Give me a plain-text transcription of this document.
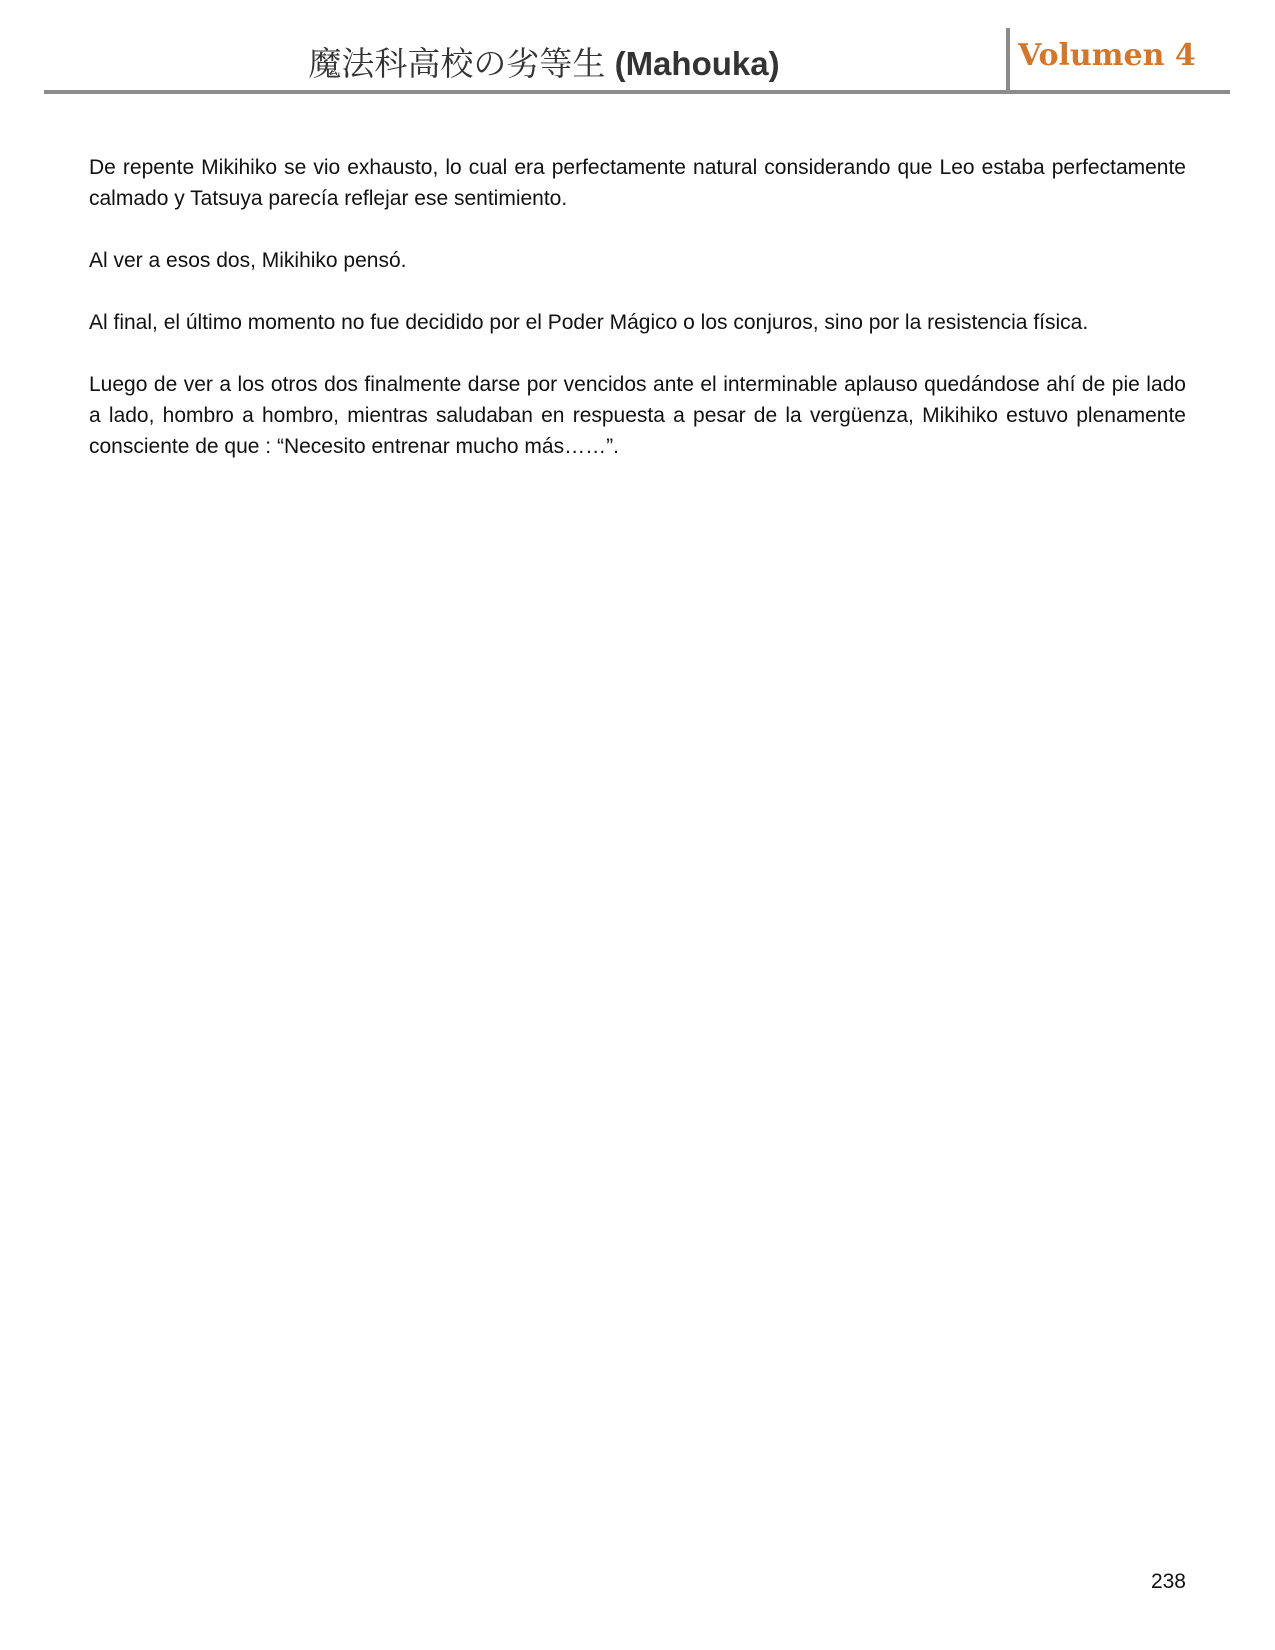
魔法科高校の劣等生 (Mahouka)	Volumen 4

De repente Mikihiko se vio exhausto, lo cual era perfectamente natural considerando que Leo estaba perfectamente calmado y Tatsuya parecía reflejar ese sentimiento.

Al ver a esos dos, Mikihiko pensó.

Al final, el último momento no fue decidido por el Poder Mágico o los conjuros, sino por la resistencia física.

Luego de ver a los otros dos finalmente darse por vencidos ante el interminable aplauso quedándose ahí de pie lado a lado, hombro a hombro, mientras saludaban en respuesta a pesar de la vergüenza, Mikihiko estuvo plenamente consciente de que : “Necesito entrenar mucho más……”.

238
